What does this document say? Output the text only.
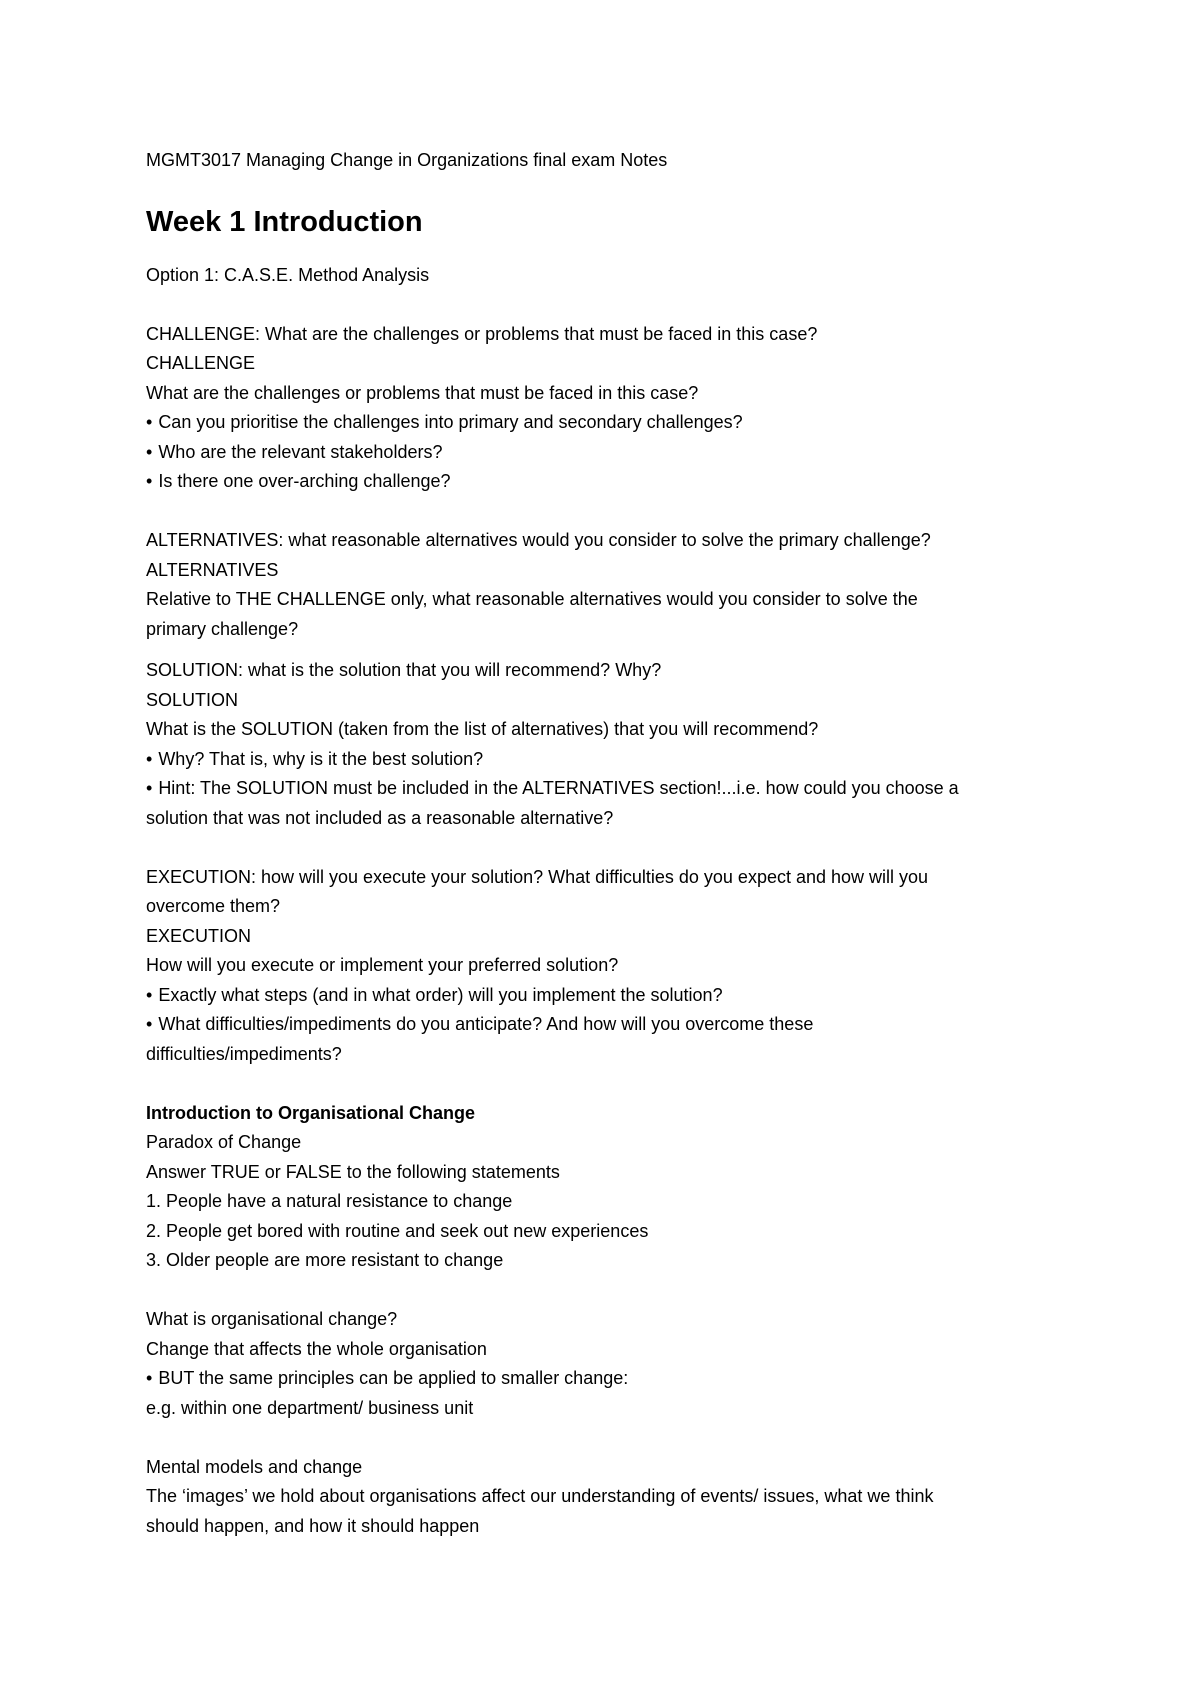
MGMT3017 Managing Change in Organizations final exam Notes

Week 1 Introduction

Option 1: C.A.S.E. Method Analysis

CHALLENGE: What are the challenges or problems that must be faced in this case?

CHALLENGE

What are the challenges or problems that must be faced in this case?

• Can you prioritise the challenges into primary and secondary challenges?

• Who are the relevant stakeholders?

• Is there one over-arching challenge?

ALTERNATIVES: what reasonable alternatives would you consider to solve the primary challenge?

ALTERNATIVES

Relative to THE CHALLENGE only, what reasonable alternatives would you consider to solve the

primary challenge?

SOLUTION: what is the solution that you will recommend? Why?

SOLUTION

What is the SOLUTION (taken from the list of alternatives) that you will recommend?

• Why? That is, why is it the best solution?

• Hint: The SOLUTION must be included in the ALTERNATIVES section!...i.e. how could you choose a

solution that was not included as a reasonable alternative?

EXECUTION: how will you execute your solution? What difficulties do you expect and how will you

overcome them?

EXECUTION

How will you execute or implement your preferred solution?

• Exactly what steps (and in what order) will you implement the solution?

• What difficulties/impediments do you anticipate? And how will you overcome these

difficulties/impediments?

Introduction to Organisational Change

Paradox of Change

Answer TRUE or FALSE to the following statements

1. People have a natural resistance to change

2. People get bored with routine and seek out new experiences

3. Older people are more resistant to change

What is organisational change?

Change that affects the whole organisation

• BUT the same principles can be applied to smaller change:

e.g. within one department/ business unit

Mental models and change

The ‘images’ we hold about organisations affect our understanding of events/ issues, what we think

should happen, and how it should happen
